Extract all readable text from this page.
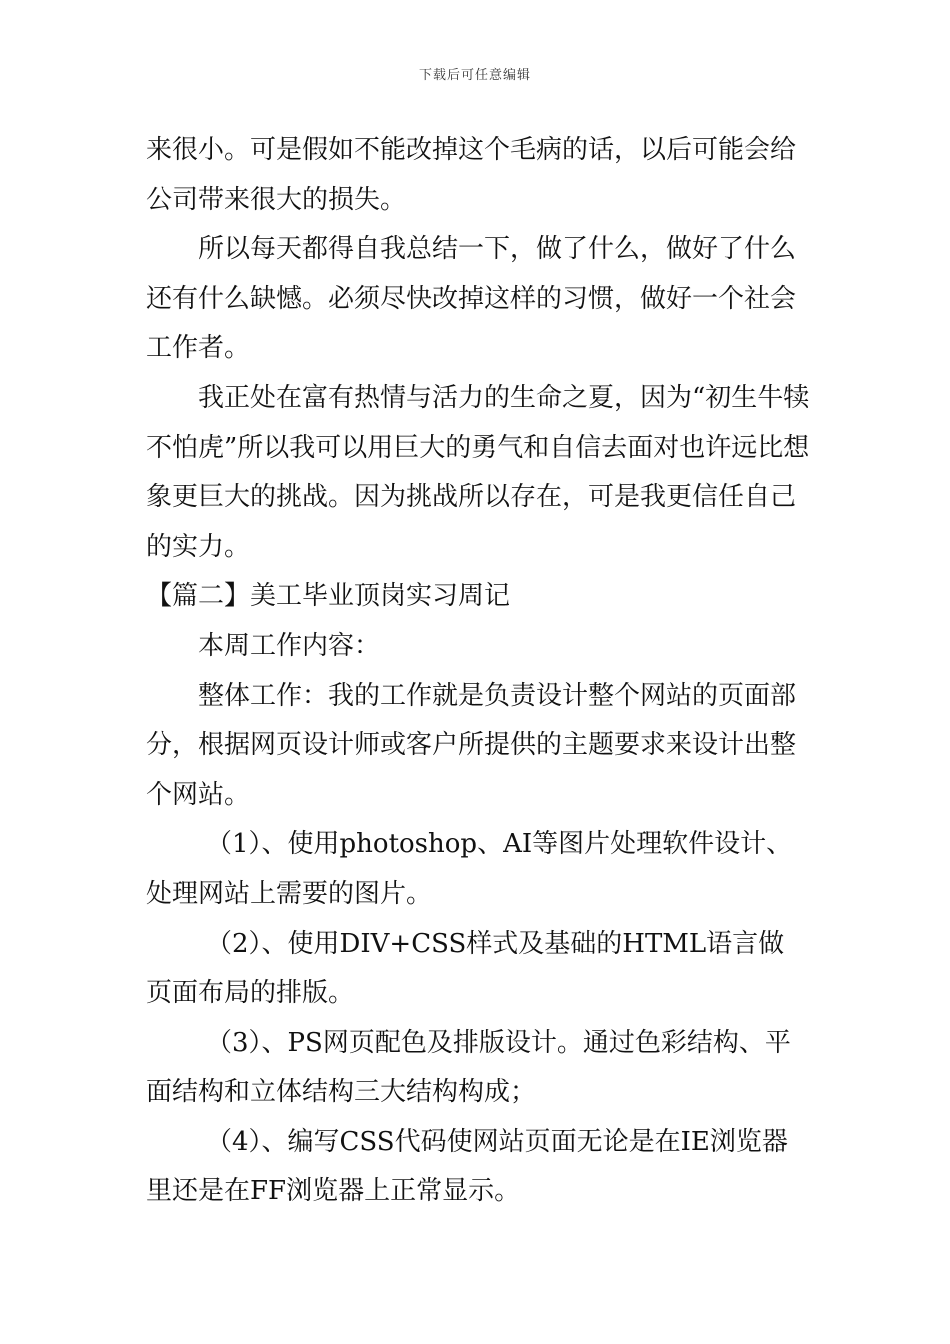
下载后可任意编辑

来很小。可是假如不能改掉这个毛病的话，以后可能会给公司带来很大的损失。

所以每天都得自我总结一下，做了什么，做好了什么还有什么缺憾。必须尽快改掉这样的习惯，做好一个社会工作者。

我正处在富有热情与活力的生命之夏，因为“初生牛犊不怕虎”所以我可以用巨大的勇气和自信去面对也许远比想象更巨大的挑战。因为挑战所以存在，可是我更信任自己的实力。

【篇二】美工毕业顶岗实习周记

本周工作内容：

整体工作：我的工作就是负责设计整个网站的页面部分，根据网页设计师或客户所提供的主题要求来设计出整个网站。

（1）、使用photoshop、AI等图片处理软件设计、处理网站上需要的图片。

（2）、使用DIV+CSS样式及基础的HTML语言做页面布局的排版。

（3）、PS网页配色及排版设计。通过色彩结构、平面结构和立体结构三大结构构成；

（4）、编写CSS代码使网站页面无论是在IE浏览器里还是在FF浏览器上正常显示。
